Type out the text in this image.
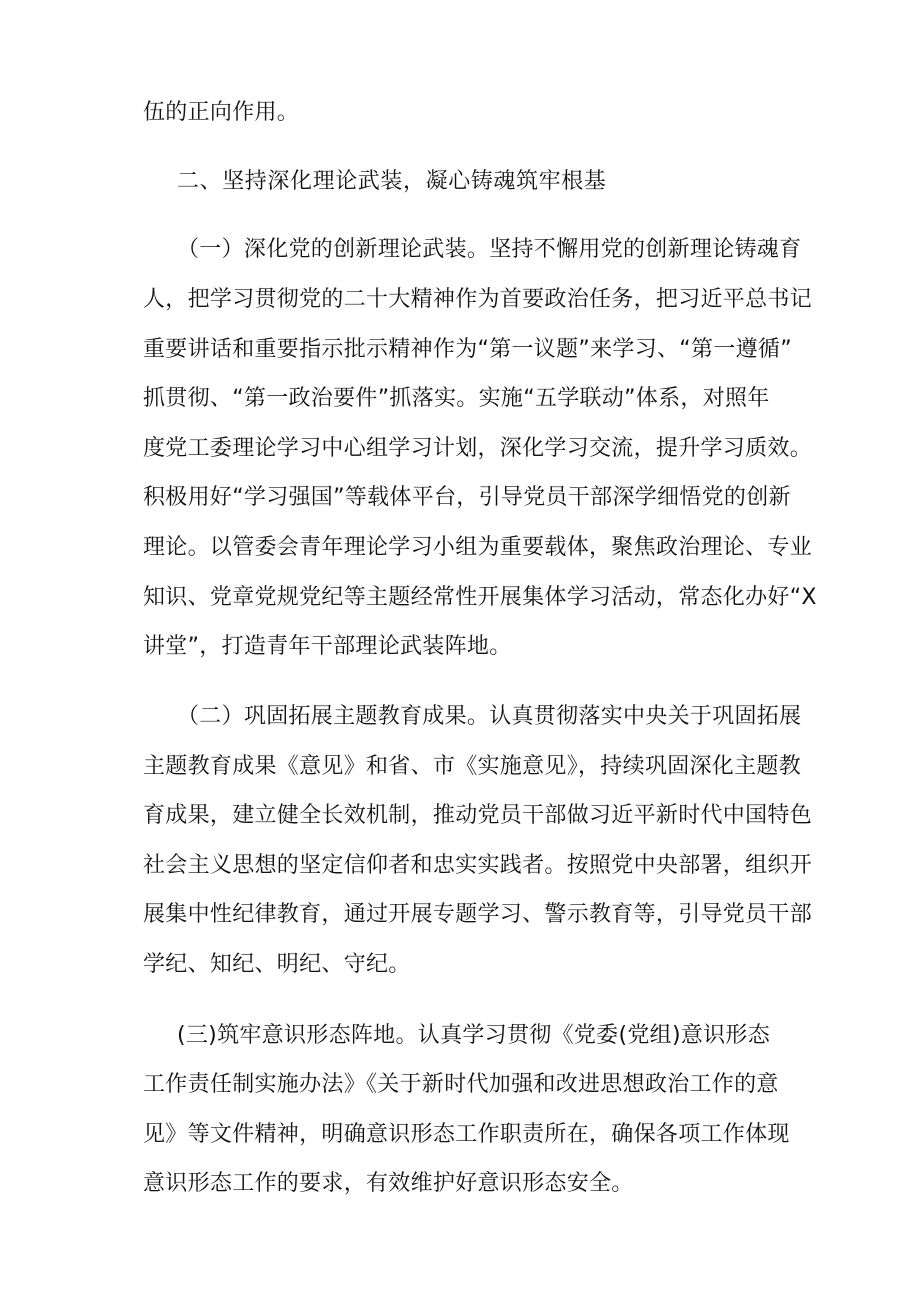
伍的正向作用。
二、坚持深化理论武装，凝心铸魂筑牢根基
（一）深化党的创新理论武装。坚持不懈用党的创新理论铸魂育
人，把学习贯彻党的二十大精神作为首要政治任务，把习近平总书记
重要讲话和重要指示批示精神作为“第一议题”来学习、“第一遵循”
抓贯彻、“第一政治要件”抓落实。实施“五学联动”体系，对照年
度党工委理论学习中心组学习计划，深化学习交流，提升学习质效。
积极用好“学习强国”等载体平台，引导党员干部深学细悟党的创新
理论。以管委会青年理论学习小组为重要载体，聚焦政治理论、专业
知识、党章党规党纪等主题经常性开展集体学习活动，常态化办好“X
讲堂”，打造青年干部理论武装阵地。
（二）巩固拓展主题教育成果。认真贯彻落实中央关于巩固拓展
主题教育成果《意见》和省、市《实施意见》，持续巩固深化主题教
育成果，建立健全长效机制，推动党员干部做习近平新时代中国特色
社会主义思想的坚定信仰者和忠实实践者。按照党中央部署，组织开
展集中性纪律教育，通过开展专题学习、警示教育等，引导党员干部
学纪、知纪、明纪、守纪。
(三)筑牢意识形态阵地。认真学习贯彻《党委(党组)意识形态
工作责任制实施办法》《关于新时代加强和改进思想政治工作的意
见》等文件精神，明确意识形态工作职责所在，确保各项工作体现
意识形态工作的要求，有效维护好意识形态安全。
